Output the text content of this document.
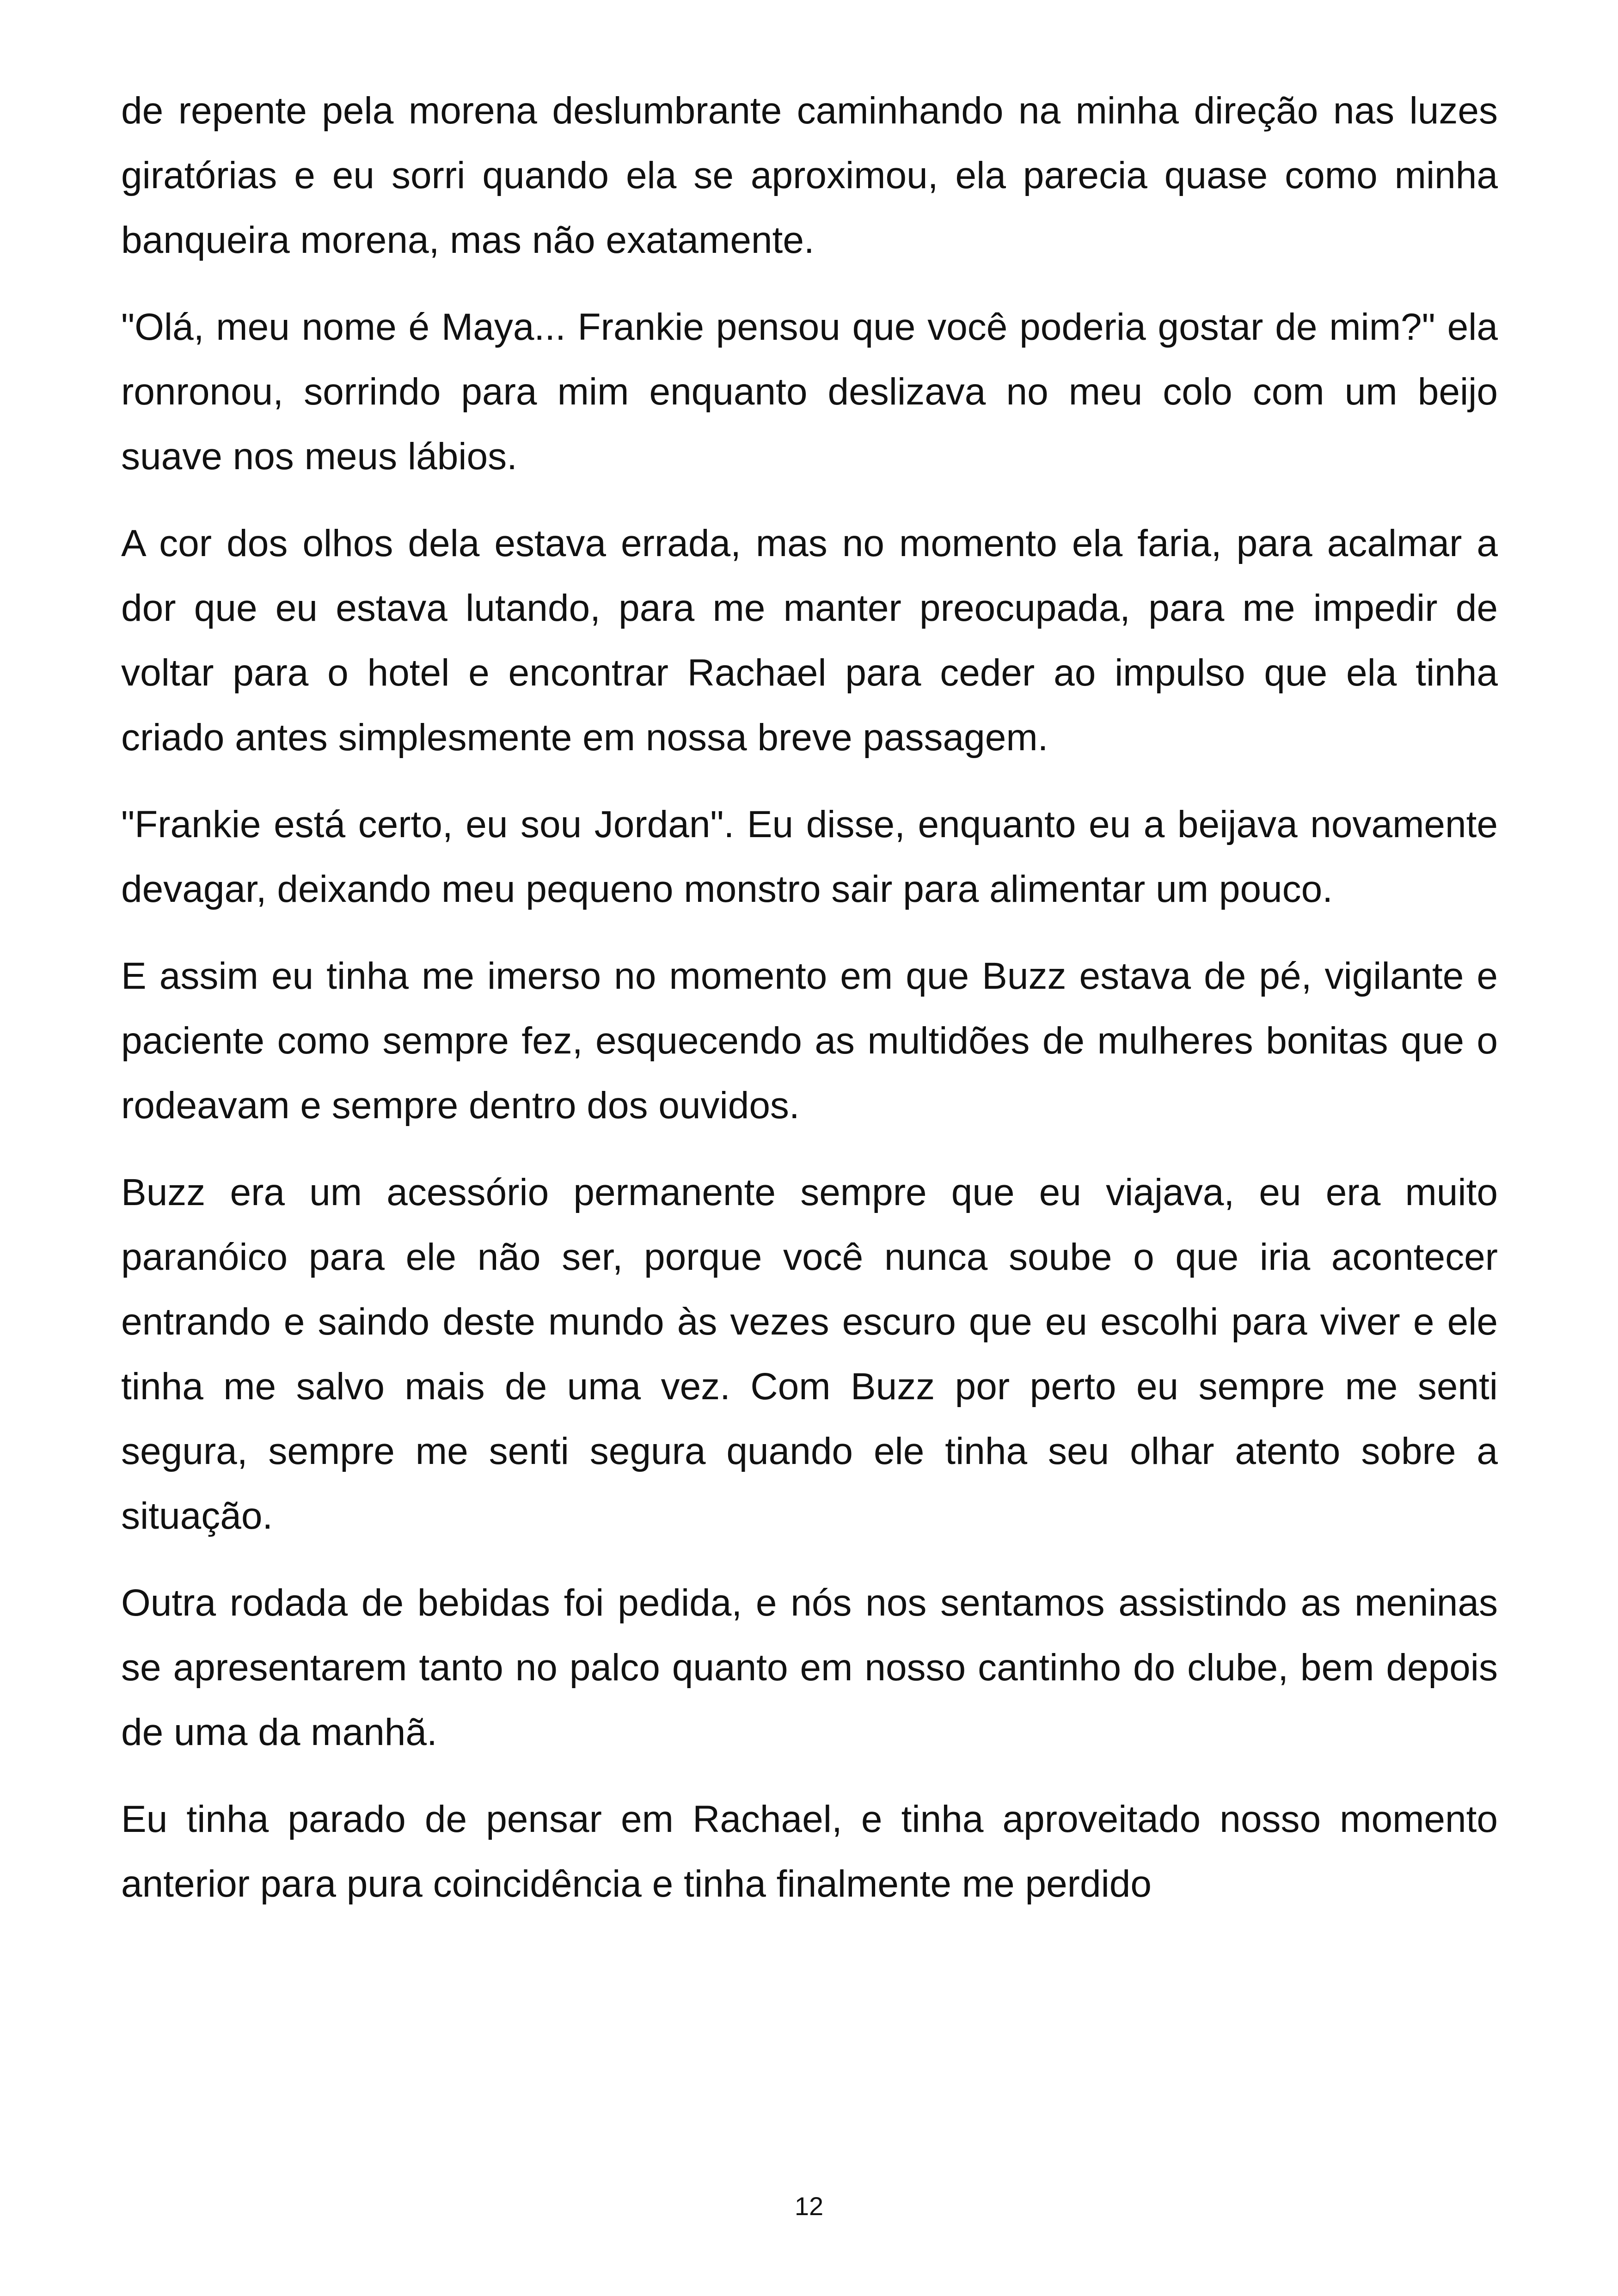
de repente pela morena deslumbrante caminhando na minha direção nas luzes giratórias e eu sorri quando ela se aproximou, ela parecia quase como minha banqueira morena, mas não exatamente.

"Olá, meu nome é Maya... Frankie pensou que você poderia gostar de mim?" ela ronronou, sorrindo para mim enquanto deslizava no meu colo com um beijo suave nos meus lábios.

A cor dos olhos dela estava errada, mas no momento ela faria, para acalmar a dor que eu estava lutando, para me manter preocupada, para me impedir de voltar para o hotel e encontrar Rachael para ceder ao impulso que ela tinha criado antes simplesmente em nossa breve passagem.

"Frankie está certo, eu sou Jordan". Eu disse, enquanto eu a beijava novamente devagar, deixando meu pequeno monstro sair para alimentar um pouco.

E assim eu tinha me imerso no momento em que Buzz estava de pé, vigilante e paciente como sempre fez, esquecendo as multidões de mulheres bonitas que o rodeavam e sempre dentro dos ouvidos.

Buzz era um acessório permanente sempre que eu viajava, eu era muito paranóico para ele não ser, porque você nunca soube o que iria acontecer entrando e saindo deste mundo às vezes escuro que eu escolhi para viver e ele tinha me salvo mais de uma vez. Com Buzz por perto eu sempre me senti segura, sempre me senti segura quando ele tinha seu olhar atento sobre a situação.

Outra rodada de bebidas foi pedida, e nós nos sentamos assistindo as meninas se apresentarem tanto no palco quanto em nosso cantinho do clube, bem depois de uma da manhã.

Eu tinha parado de pensar em Rachael, e tinha aproveitado nosso momento anterior para pura coincidência e tinha finalmente me perdido

12
